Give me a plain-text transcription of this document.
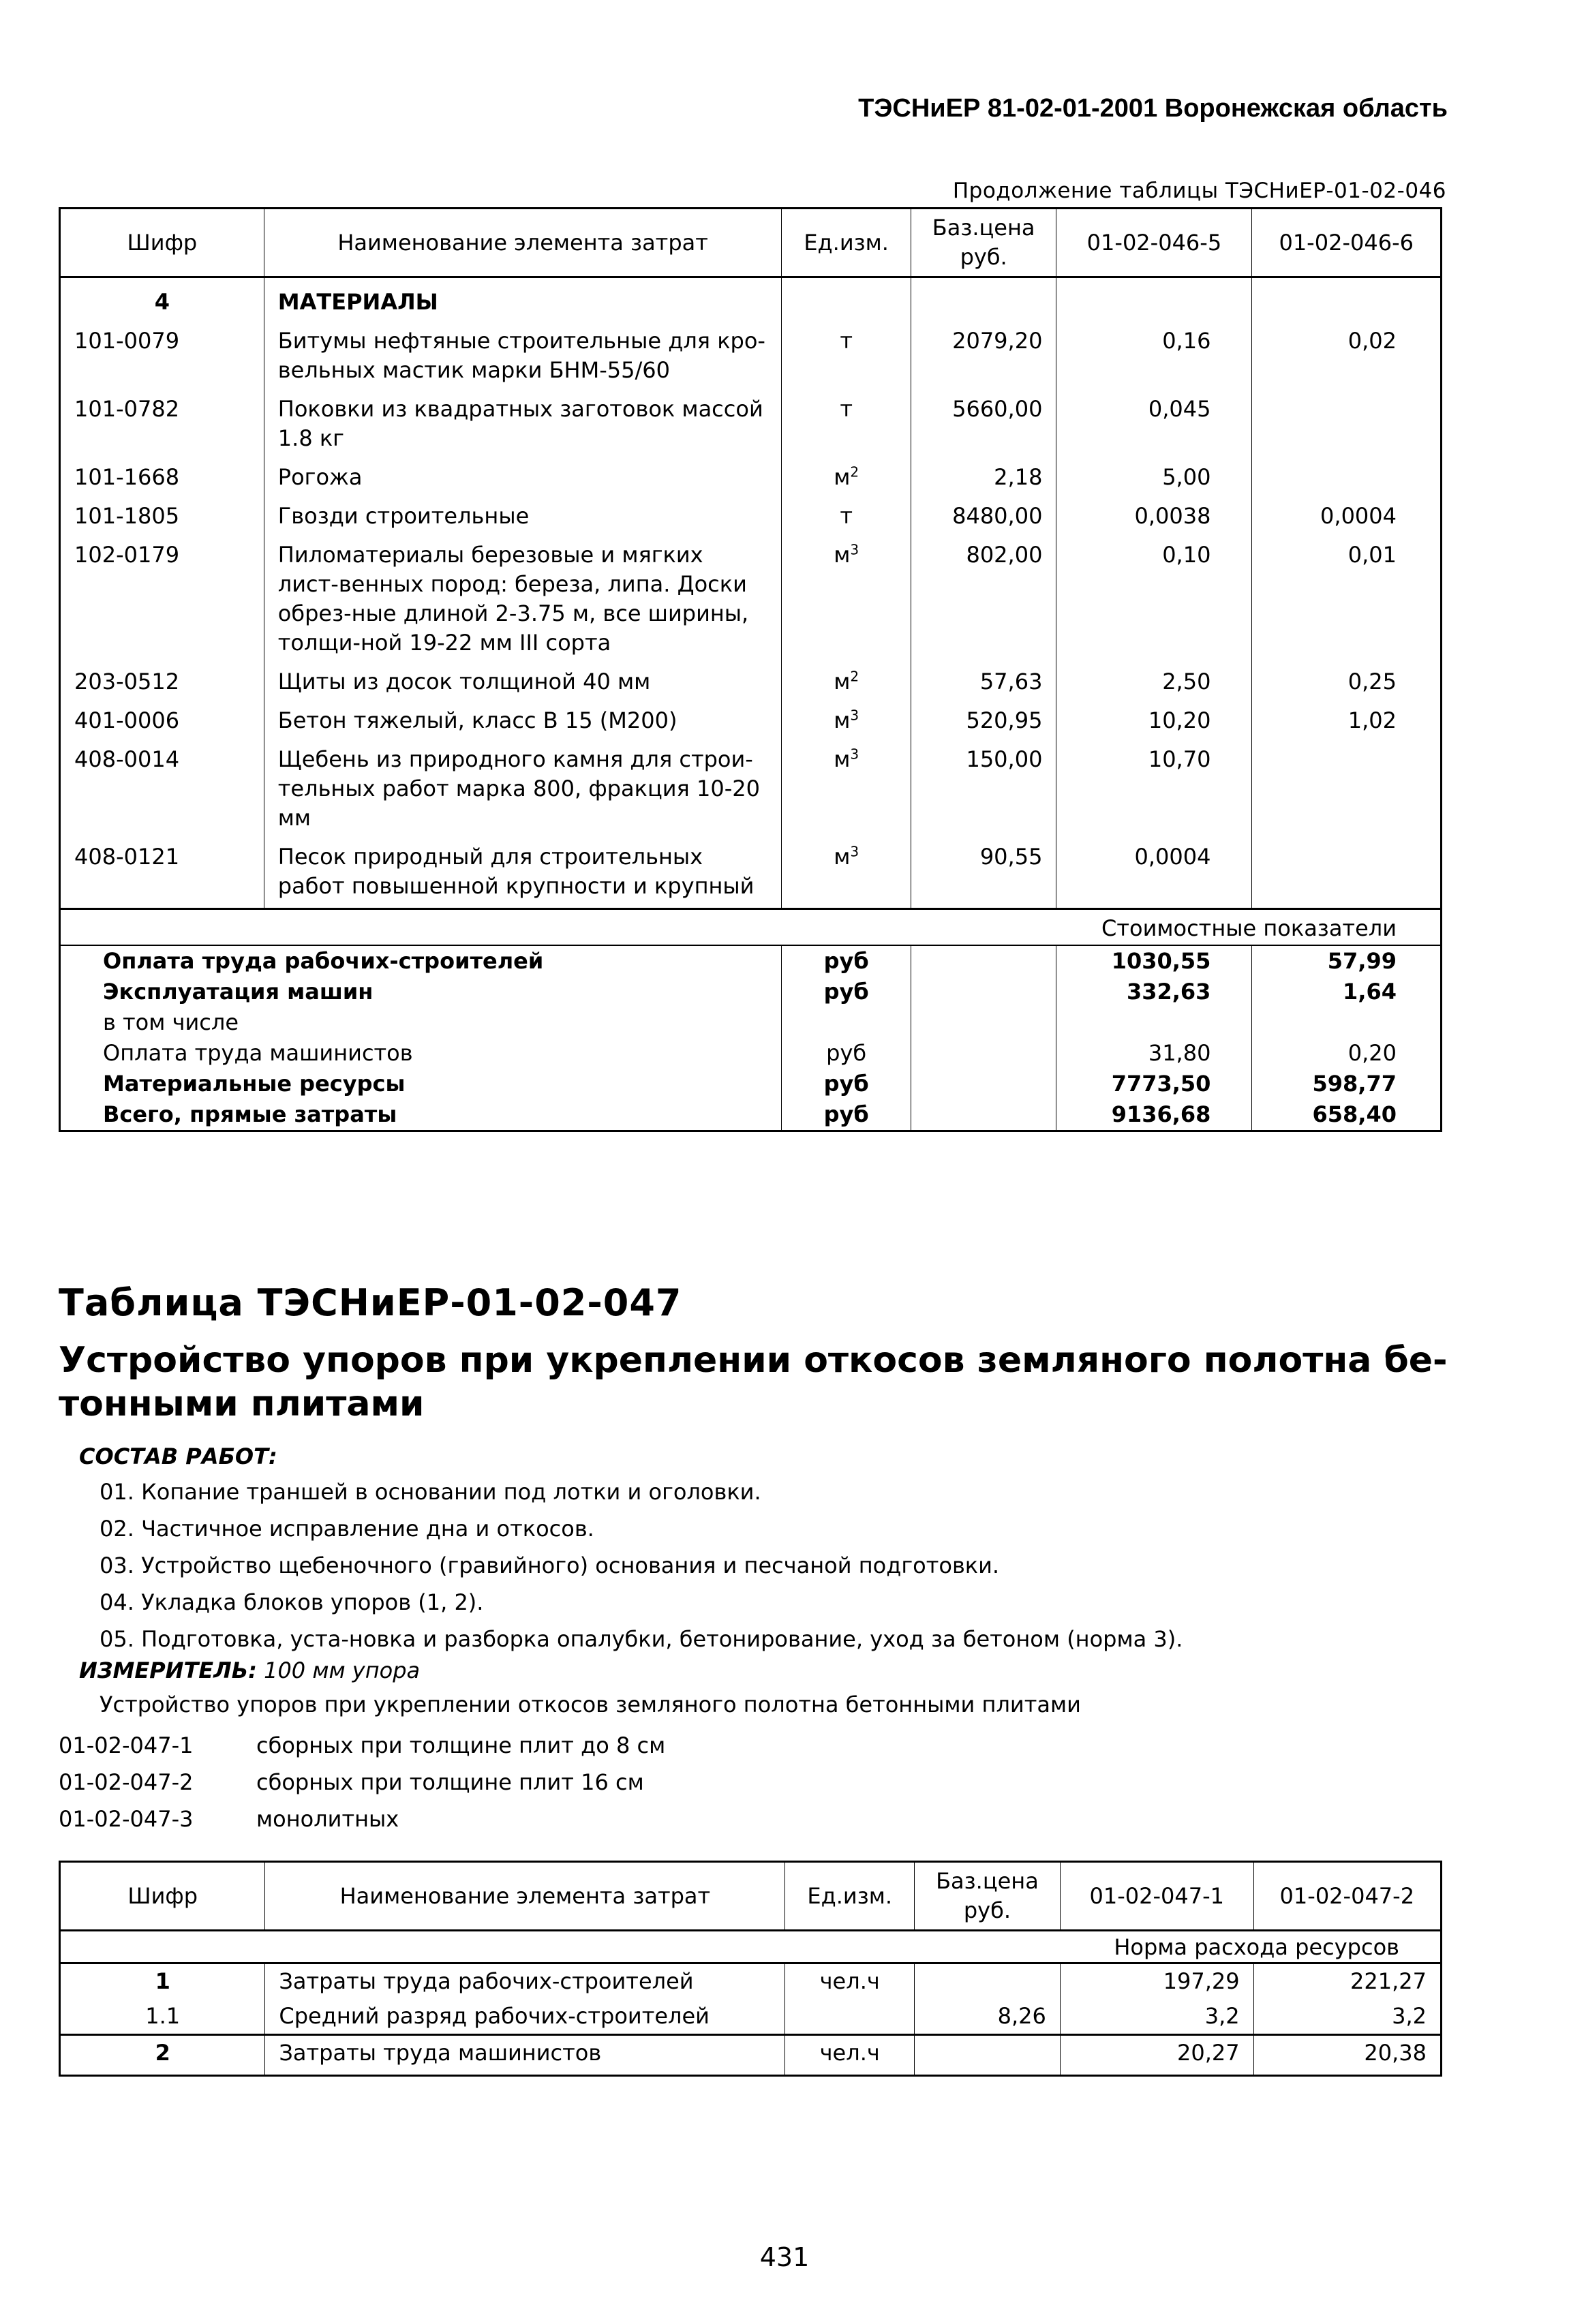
ТЭСНиЕР 81-02-01-2001 Воронежская область
Продолжение таблицы ТЭСНиЕР-01-02-046
Шифр	Наименование элемента затрат	Ед.изм.	Баз.цена руб.	01-02-046-5	01-02-046-6
4	МАТЕРИАЛЫ				
101-0079	Битумы нефтяные строительные для кро-вельных мастик марки БНМ-55/60	т	2079,20	0,16	0,02
101-0782	Поковки из квадратных заготовок массой 1.8 кг	т	5660,00	0,045	
101-1668	Рогожа	$м^2$	2,18	5,00	
101-1805	Гвозди строительные	т	8480,00	0,0038	0,0004
102-0179	Пиломатериалы березовые и мягких лист-венных пород: береза, липа. Доски обрез-ные длиной 2-3.75 м, все ширины, толщи-ной 19-22 мм III сорта	$м^3$	802,00	0,10	0,01
203-0512	Щиты из досок толщиной 40 мм	$м^2$	57,63	2,50	0,25
401-0006	Бетон тяжелый, класс В 15 (М200)	$м^3$	520,95	10,20	1,02
408-0014	Щебень из природного камня для строи-тельных работ марка 800, фракция 10-20 мм	$м^3$	150,00	10,70	
408-0121	Песок природный для строительных работ повышенной крупности и крупный	$м^3$	90,55	0,0004	
Стоимостные показатели					
Оплата труда рабочих-строителей		руб		1030,55	57,99
Эксплуатация машин		руб		332,63	1,64
в том числе					
Оплата труда машинистов		руб		31,80	0,20
Материальные ресурсы		руб		7773,50	598,77
Всего, прямые затраты		руб		9136,68	658,40
Таблица ТЭСНиЕР-01-02-047
Устройство упоров при укреплении откосов земляного полотна бе-тонными плитами
СОСТАВ РАБОТ:
01. Копание траншей в основании под лотки и оголовки.
02. Частичное исправление дна и откосов.
03. Устройство щебеночного (гравийного) основания и песчаной подготовки.
04. Укладка блоков упоров (1, 2).
05. Подготовка, уста-новка и разборка опалубки, бетонирование, уход за бетоном (норма 3).
ИЗМЕРИТЕЛЬ: 100 мм упора
Устройство упоров при укреплении откосов земляного полотна бетонными плитами
01-02-047-1	сборных при толщине плит до 8 см
01-02-047-2	сборных при толщине плит 16 см
01-02-047-3	монолитных
Шифр	Наименование элемента затрат	Ед.изм.	Баз.цена руб.	01-02-047-1	01-02-047-2
Норма расхода ресурсов					
1	Затраты труда рабочих-строителей	чел.ч		197,29	221,27
1.1	Средний разряд рабочих-строителей		8,26	3,2	3,2
2	Затраты труда машинистов	чел.ч		20,27	20,38
431
